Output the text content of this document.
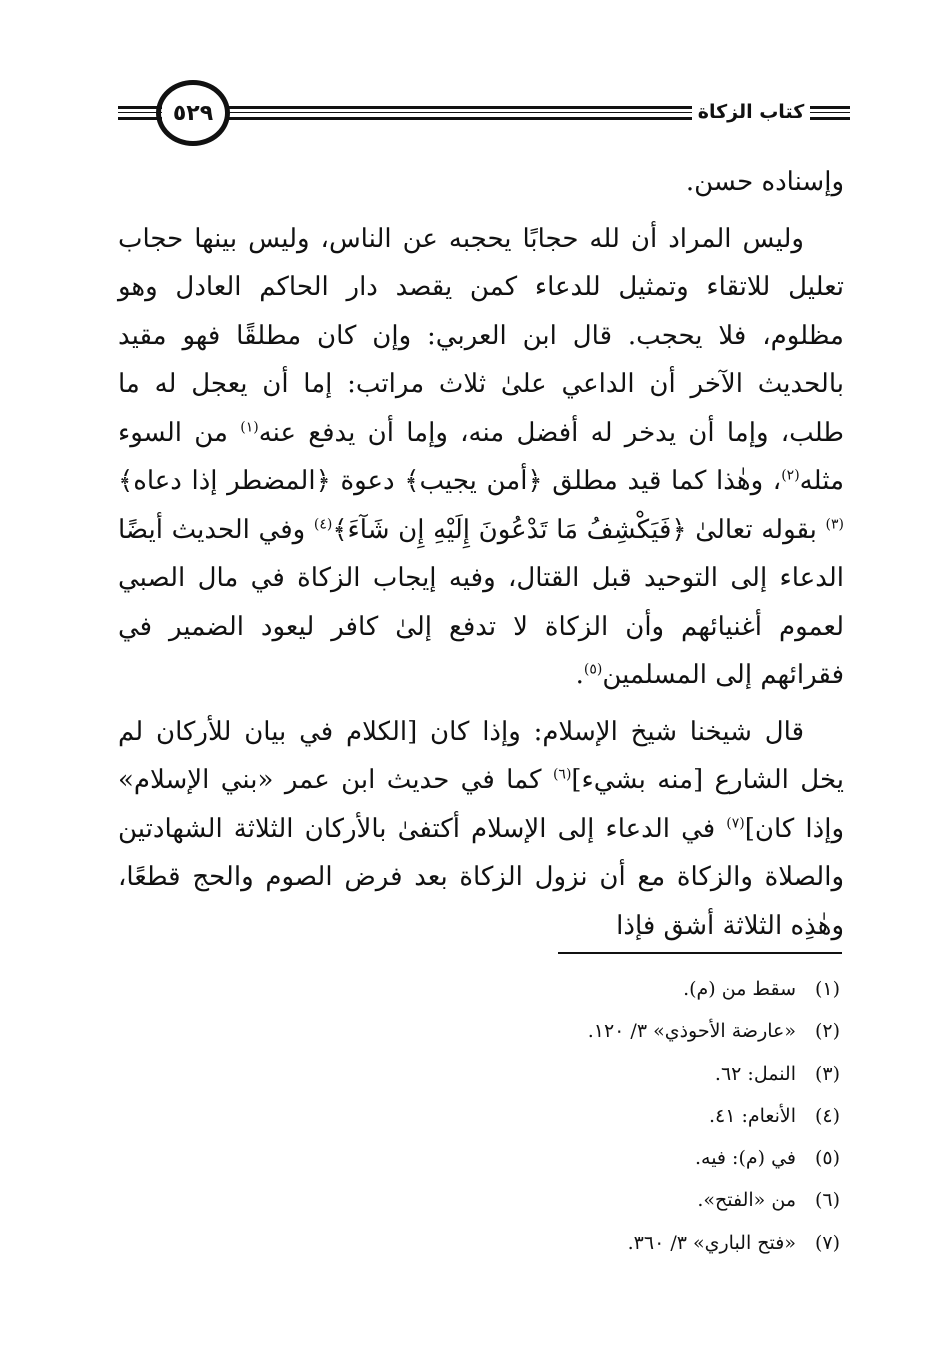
٥٢٩	كتاب الزكاة

وإسناده حسن.

وليس المراد أن لله حجابًا يحجبه عن الناس، وليس بينها حجاب تعليل للاتقاء وتمثيل للدعاء كمن يقصد دار الحاكم العادل وهو مظلوم، فلا يحجب. قال ابن العربي: وإن كان مطلقًا فهو مقيد بالحديث الآخر أن الداعي علىٰ ثلاث مراتب: إما أن يعجل له ما طلب، وإما أن يدخر له أفضل منه، وإما أن يدفع عنه$^{(١)}$ من السوء مثله$^{(٢)}$، وهٰذا كما قيد مطلق ﴿أمن يجيب﴾ دعوة ﴿المضطر إذا دعاه﴾$^{(٣)}$ بقوله تعالىٰ ﴿فَيَكْشِفُ مَا تَدْعُونَ إِلَيْهِ إِن شَآءَ﴾$^{(٤)}$ وفي الحديث أيضًا الدعاء إلى التوحيد قبل القتال، وفيه إيجاب الزكاة في مال الصبي لعموم أغنيائهم وأن الزكاة لا تدفع إلىٰ كافر ليعود الضمير في فقرائهم إلى المسلمين$^{(٥)}$.

قال شيخنا شيخ الإسلام: وإذا كان [الكلام في بيان للأركان لم يخل الشارع [منه بشيء]$^{(٦)}$ كما في حديث ابن عمر «بني الإسلام» وإذا كان]$^{(٧)}$ في الدعاء إلى الإسلام أكتفىٰ بالأركان الثلاثة الشهادتين والصلاة والزكاة مع أن نزول الزكاة بعد فرض الصوم والحج قطعًا، وهٰذِه الثلاثة أشق فإذا

(١)سقط من (م).
(٢)«عارضة الأحوذي» ٣/ ١٢٠.
(٣)النمل: ٦٢.
(٤)الأنعام: ٤١.
(٥)في (م): فيه.
(٦)من «الفتح».
(٧)«فتح الباري» ٣/ ٣٦٠.
